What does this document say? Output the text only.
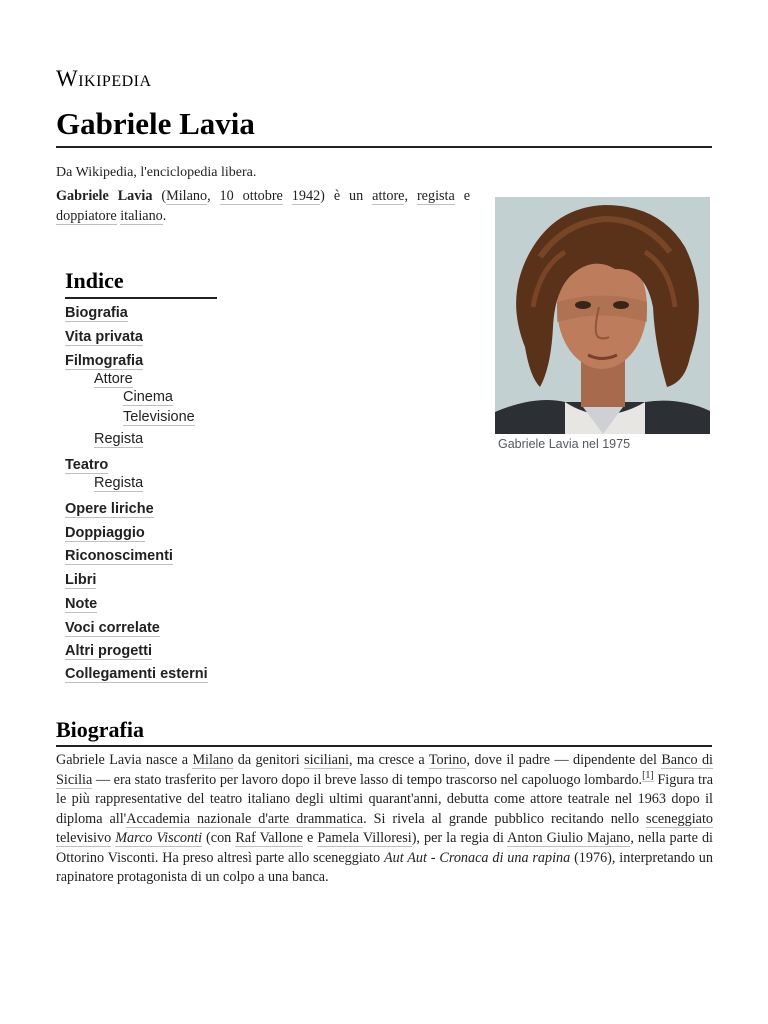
Wikipedia
Gabriele Lavia
Da Wikipedia, l'enciclopedia libera.

Gabriele Lavia (Milano, 10 ottobre 1942) è un attore, regista e doppiatore italiano.

Gabriele Lavia nel 1975
Indice
Biografia
Vita privata
Filmografia
Attore
Cinema
Televisione
Regista
Teatro
Regista
Opere liriche
Doppiaggio
Riconoscimenti
Libri
Note
Voci correlate
Altri progetti
Collegamenti esterni
Biografia

Gabriele Lavia nasce a Milano da genitori siciliani, ma cresce a Torino, dove il padre — dipendente del Banco di Sicilia — era stato trasferito per lavoro dopo il breve lasso di tempo trascorso nel capoluogo lombardo.[1] Figura tra le più rappresentative del teatro italiano degli ultimi quarant'anni, debutta come attore teatrale nel 1963 dopo il diploma all'Accademia nazionale d'arte drammatica. Si rivela al grande pubblico recitando nello sceneggiato televisivo Marco Visconti (con Raf Vallone e Pamela Villoresi), per la regia di Anton Giulio Majano, nella parte di Ottorino Visconti. Ha preso altresì parte allo sceneggiato Aut Aut - Cronaca di una rapina (1976), interpretando un rapinatore protagonista di un colpo a una banca.
